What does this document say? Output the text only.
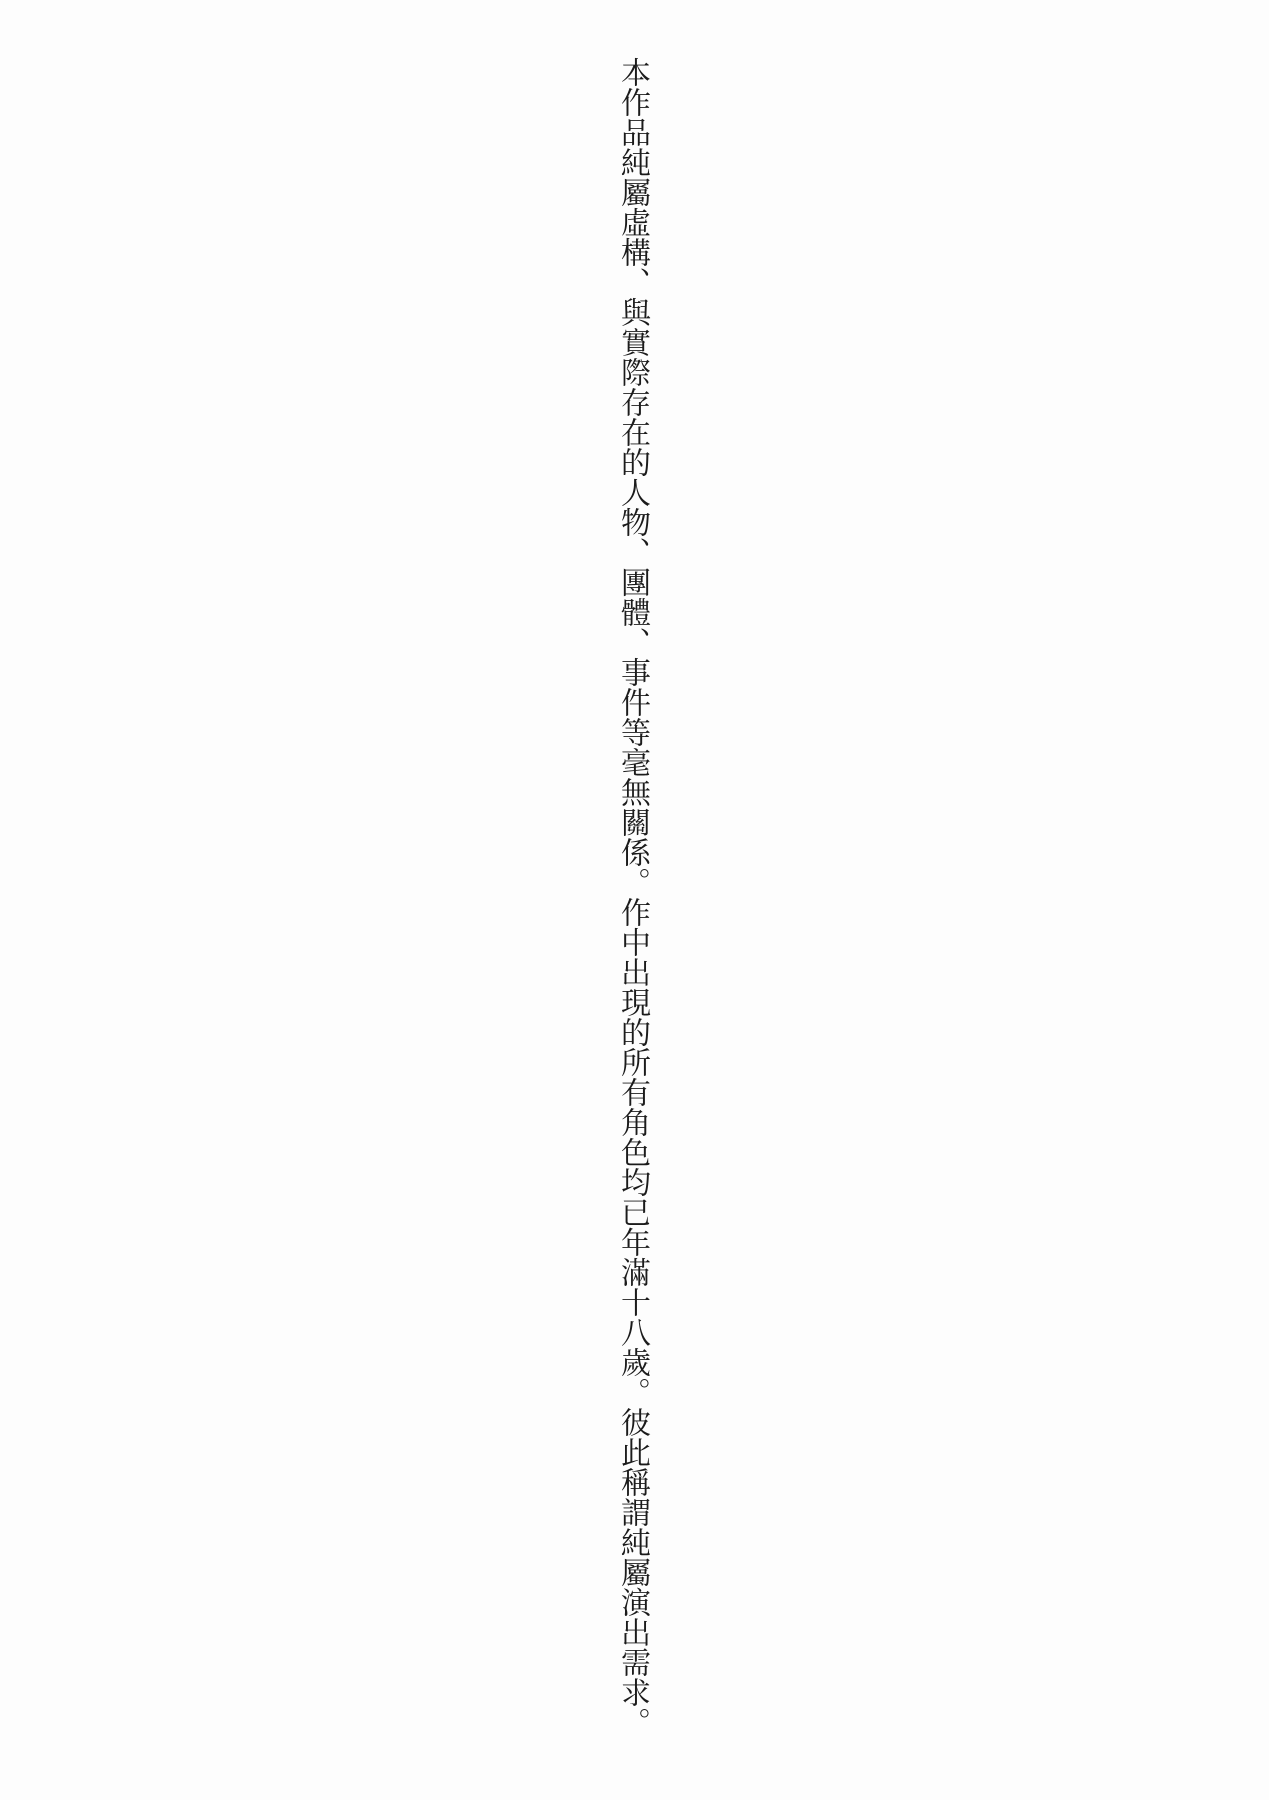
本作品純屬虛構、與實際存在的人物、團體、事件等毫無關係。作中出現的所有角色均已年滿十八歲。彼此稱謂純屬演出需求。
